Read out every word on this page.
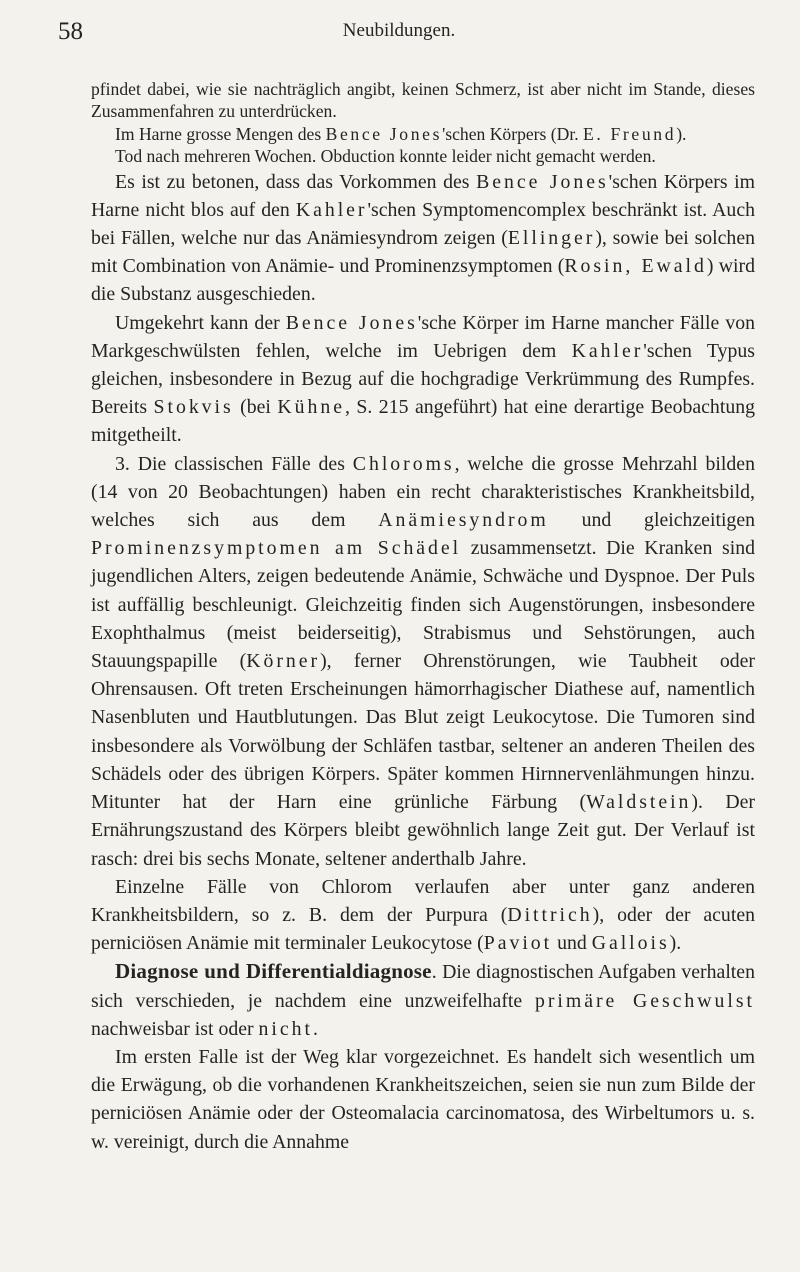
58	Neubildungen.

pfindet dabei, wie sie nachträglich angibt, keinen Schmerz, ist aber nicht im Stande, dieses Zusammenfahren zu unterdrücken.

Im Harne grosse Mengen des Bence Jones'schen Körpers (Dr. E. Freund).

Tod nach mehreren Wochen. Obduction konnte leider nicht gemacht werden.

Es ist zu betonen, dass das Vorkommen des Bence Jones'schen Körpers im Harne nicht blos auf den Kahler'schen Symptomencomplex beschränkt ist. Auch bei Fällen, welche nur das Anämiesyndrom zeigen (Ellinger), sowie bei solchen mit Combination von Anämie- und Prominenzsymptomen (Rosin, Ewald) wird die Substanz ausgeschieden.

Umgekehrt kann der Bence Jones'sche Körper im Harne mancher Fälle von Markgeschwülsten fehlen, welche im Uebrigen dem Kahler'schen Typus gleichen, insbesondere in Bezug auf die hochgradige Verkrümmung des Rumpfes. Bereits Stokvis (bei Kühne, S. 215 angeführt) hat eine derartige Beobachtung mitgetheilt.

3. Die classischen Fälle des Chloroms, welche die grosse Mehrzahl bilden (14 von 20 Beobachtungen) haben ein recht charakteristisches Krankheitsbild, welches sich aus dem Anämiesyndrom und gleichzeitigen Prominenzsymptomen am Schädel zusammensetzt. Die Kranken sind jugendlichen Alters, zeigen bedeutende Anämie, Schwäche und Dyspnoe. Der Puls ist auffällig beschleunigt. Gleichzeitig finden sich Augenstörungen, insbesondere Exophthalmus (meist beiderseitig), Strabismus und Sehstörungen, auch Stauungspapille (Körner), ferner Ohrenstörungen, wie Taubheit oder Ohrensausen. Oft treten Erscheinungen hämorrhagischer Diathese auf, namentlich Nasenbluten und Hautblutungen. Das Blut zeigt Leukocytose. Die Tumoren sind insbesondere als Vorwölbung der Schläfen tastbar, seltener an anderen Theilen des Schädels oder des übrigen Körpers. Später kommen Hirnnervenlähmungen hinzu. Mitunter hat der Harn eine grünliche Färbung (Waldstein). Der Ernährungszustand des Körpers bleibt gewöhnlich lange Zeit gut. Der Verlauf ist rasch: drei bis sechs Monate, seltener anderthalb Jahre.

Einzelne Fälle von Chlorom verlaufen aber unter ganz anderen Krankheitsbildern, so z. B. dem der Purpura (Dittrich), oder der acuten perniciösen Anämie mit terminaler Leukocytose (Paviot und Gallois).

Diagnose und Differentialdiagnose. Die diagnostischen Aufgaben verhalten sich verschieden, je nachdem eine unzweifelhafte primäre Geschwulst nachweisbar ist oder nicht.

Im ersten Falle ist der Weg klar vorgezeichnet. Es handelt sich wesentlich um die Erwägung, ob die vorhandenen Krankheitszeichen, seien sie nun zum Bilde der perniciösen Anämie oder der Osteomalacia carcinomatosa, des Wirbeltumors u. s. w. vereinigt, durch die Annahme
